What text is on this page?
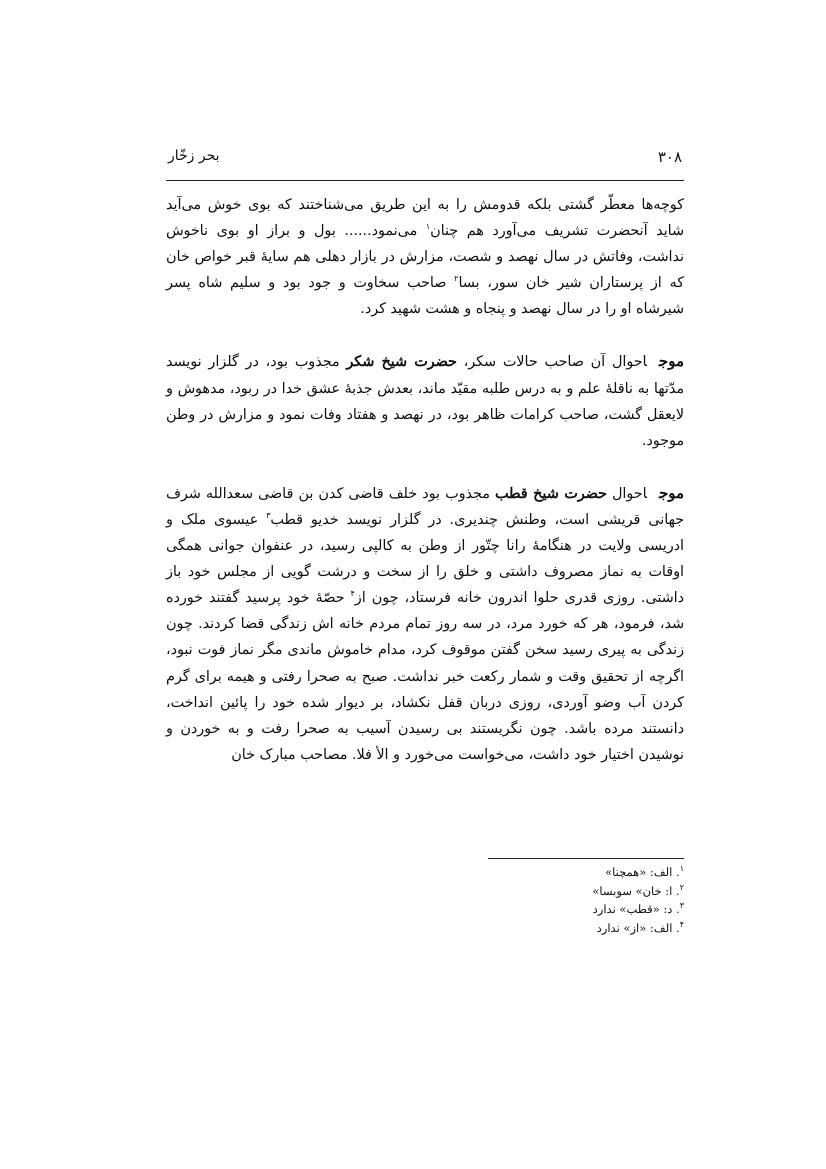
۳۰۸
بحر زخّار

کوچه‌ها معطّر گشتی بلکه قدومش را به این طریق می‌شناختند که بوی خوش می‌آید شاید آنحضرت تشریف می‌آورد هم چنان$^۱$ می‌نمود...... بول و براز او بوی ناخوش نداشت، وفاتش در سال نهصد و شصت، مزارش در بازار دهلی هم سایهٔ قبر خواص خان که از پرستاران شیر خان سور، بسا$^۲$ صاحب سخاوت و جود بود و سلیم شاه پسر شیرشاه او را در سال نهصد و پنجاه و هشت شهید کرد.

موجاحوال آن صاحب حالات سکر، حضرت شیخ شکر مجذوب بود، در گلزار نویسد مدّتها به ناقلهٔ علم و به درس طلبه مقیّد ماند، بعدش جذبهٔ عشق خدا در ربود، مدهوش و لایعقل گشت، صاحب کرامات ظاهر بود، در نهصد و هفتاد وفات نمود و مزارش در وطن موجود.

موجاحوال حضرت شیخ قطب مجذوب بود خلف قاضی کدن بن قاضی سعدالله شرف جهانی قریشی است، وطنش چندیری. در گلزار نویسد خدیو قطب$^۳$ عیسوی ملک و ادریسی ولایت در هنگامهٔ رانا چتّور از وطن به کالپی رسید، در عنفوان جوانی همگی اوقات به نماز مصروف داشتی و خلق را از سخت و درشت گویی از مجلس خود باز داشتی. روزی قدری حلوا اندرون خانه فرستاد، چون از$^۴$ حصّهٔ خود پرسید گفتند خورده شد، فرمود، هر که خورد مرد، در سه روز تمام مردم خانه اش زندگی قضا کردند. چون زندگی به پیری رسید سخن گفتن موقوف کرد، مدام خاموش ماندی مگر نماز فوت نبود، اگرچه از تحقیق وقت و شمار رکعت خبر نداشت. صبح به صحرا رفتی و هیمه برای گرم کردن آب وضو آوردی، روزی دربان قفل نکشاد، بر دیوار شده خود را پائین انداخت، دانستند مرده باشد. چون نگریستند بی رسیدن آسیب به صحرا رفت و به خوردن و نوشیدن اختیار خود داشت، می‌خواست می‌خورد و الأ فلا. مصاحب مبارک خان

$^۱$. الف: «همچنا»
$^۲$. ا: خان» سوبسا»
$^۳$. د: «قطب» ندارد
$^۴$. الف: «از» ندارد
